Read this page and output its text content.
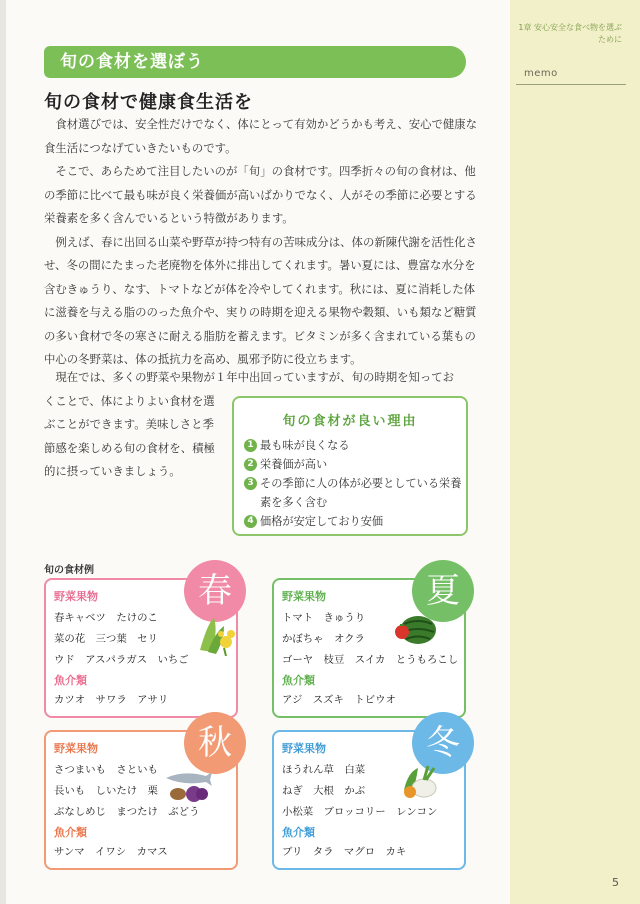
1章 安心安全な食べ物を選ぶために
memo
5
旬の食材を選ぼう
旬の食材で健康食生活を

食材選びでは、安全性だけでなく、体にとって有効かどうかも考え、安心で健康な食生活につなげていきたいものです。

そこで、あらためて注目したいのが「旬」の食材です。四季折々の旬の食材は、他の季節に比べて最も味が良く栄養価が高いばかりでなく、人がその季節に必要とする栄養素を多く含んでいるという特徴があります。

例えば、春に出回る山菜や野草が持つ特有の苦味成分は、体の新陳代謝を活性化させ、冬の間にたまった老廃物を体外に排出してくれます。暑い夏には、豊富な水分を含むきゅうり、なす、トマトなどが体を冷やしてくれます。秋には、夏に消耗した体に滋養を与える脂ののった魚介や、実りの時期を迎える果物や穀類、いも類など糖質の多い食材で冬の寒さに耐える脂肪を蓄えます。ビタミンが多く含まれている葉もの中心の冬野菜は、体の抵抗力を高め、風邪予防に役立ちます。

現在では、多くの野菜や果物が１年中出回っていますが、旬の時期を知ってお
くことで、体によりよい食材を選ぶことができます。美味しさと季節感を楽しめる旬の食材を、積極的に摂っていきましょう。
旬の食材が良い理由
1 最も味が良くなる
2 栄養価が高い
3 その季節に人の体が必要としている栄養素を多く含む
4 価格が安定しており安価
旬の食材例
春
野菜果物
春キャベツ　たけのこ
菜の花　三つ葉　セリ
ウド　アスパラガス　いちご
魚介類
カツオ　サワラ　アサリ
夏
野菜果物
トマト　きゅうり
かぼちゃ　オクラ
ゴーヤ　枝豆　スイカ　とうもろこし
魚介類
アジ　スズキ　トビウオ
秋
野菜果物
さつまいも　さといも
長いも　しいたけ　栗
ぶなしめじ　まつたけ　ぶどう
魚介類
サンマ　イワシ　カマス
冬
野菜果物
ほうれん草　白菜
ねぎ　大根　かぶ
小松菜　ブロッコリー　レンコン
魚介類
ブリ　タラ　マグロ　カキ
